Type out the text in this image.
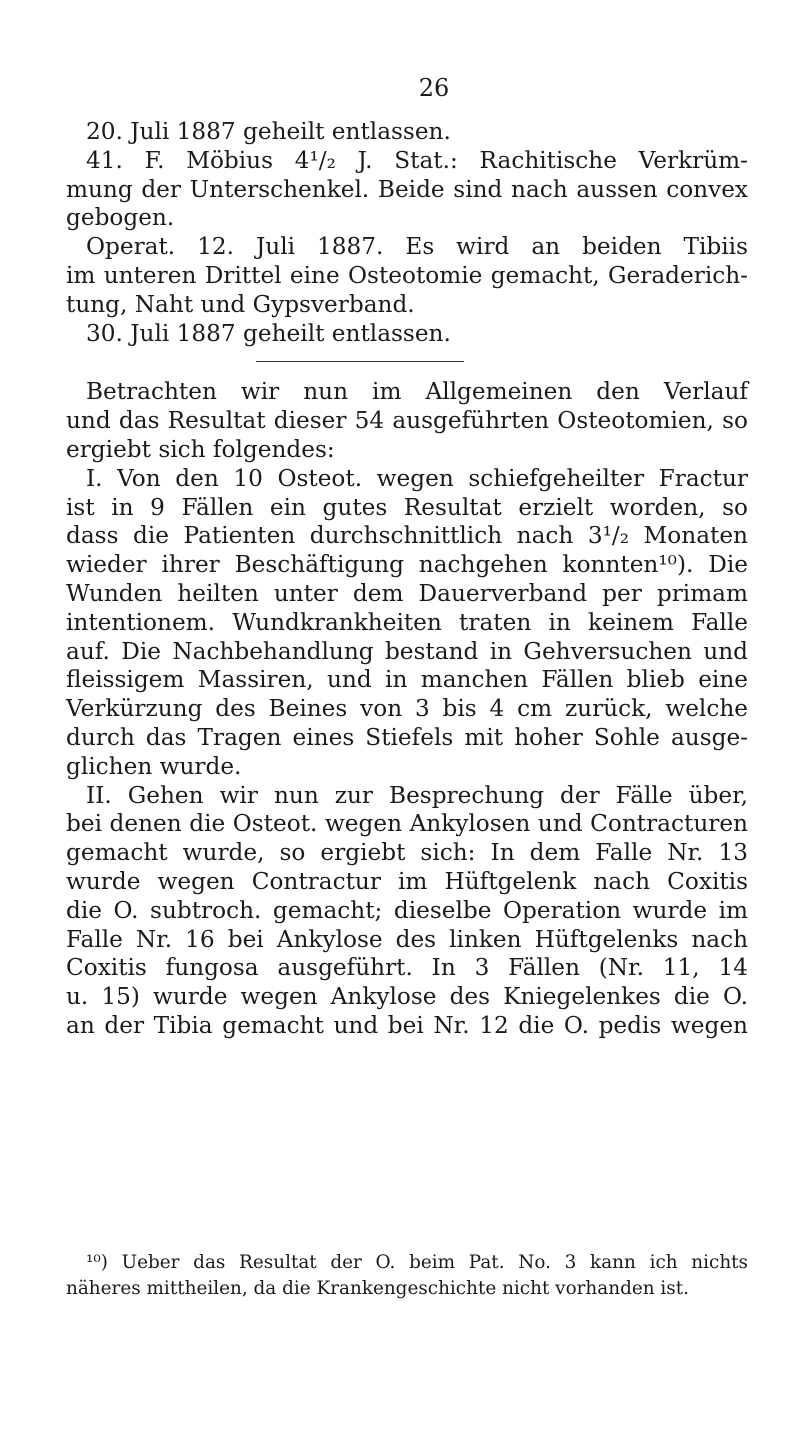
26
20. Juli 1887 geheilt entlassen.
41. F. Möbius 4¹/₂ J. Stat.: Rachitische Verkrüm-
mung der Unterschenkel. Beide sind nach aussen convex
gebogen.
Operat. 12. Juli 1887. Es wird an beiden Tibiis
im unteren Drittel eine Osteotomie gemacht, Geraderich-
tung, Naht und Gypsverband.
30. Juli 1887 geheilt entlassen.
Betrachten wir nun im Allgemeinen den Verlauf
und das Resultat dieser 54 ausgeführten Osteotomien, so
ergiebt sich folgendes:
I. Von den 10 Osteot. wegen schiefgeheilter Fractur
ist in 9 Fällen ein gutes Resultat erzielt worden, so
dass die Patienten durchschnittlich nach 3¹/₂ Monaten
wieder ihrer Beschäftigung nachgehen konnten¹⁰). Die
Wunden heilten unter dem Dauerverband per primam
intentionem. Wundkrankheiten traten in keinem Falle
auf. Die Nachbehandlung bestand in Gehversuchen und
fleissigem Massiren, und in manchen Fällen blieb eine
Verkürzung des Beines von 3 bis 4 cm zurück, welche
durch das Tragen eines Stiefels mit hoher Sohle ausge-
glichen wurde.
II. Gehen wir nun zur Besprechung der Fälle über,
bei denen die Osteot. wegen Ankylosen und Contracturen
gemacht wurde, so ergiebt sich: In dem Falle Nr. 13
wurde wegen Contractur im Hüftgelenk nach Coxitis
die O. subtroch. gemacht; dieselbe Operation wurde im
Falle Nr. 16 bei Ankylose des linken Hüftgelenks nach
Coxitis fungosa ausgeführt. In 3 Fällen (Nr. 11, 14
u. 15) wurde wegen Ankylose des Kniegelenkes die O.
an der Tibia gemacht und bei Nr. 12 die O. pedis wegen
¹⁰) Ueber das Resultat der O. beim Pat. No. 3 kann ich nichts
näheres mittheilen, da die Krankengeschichte nicht vorhanden ist.
